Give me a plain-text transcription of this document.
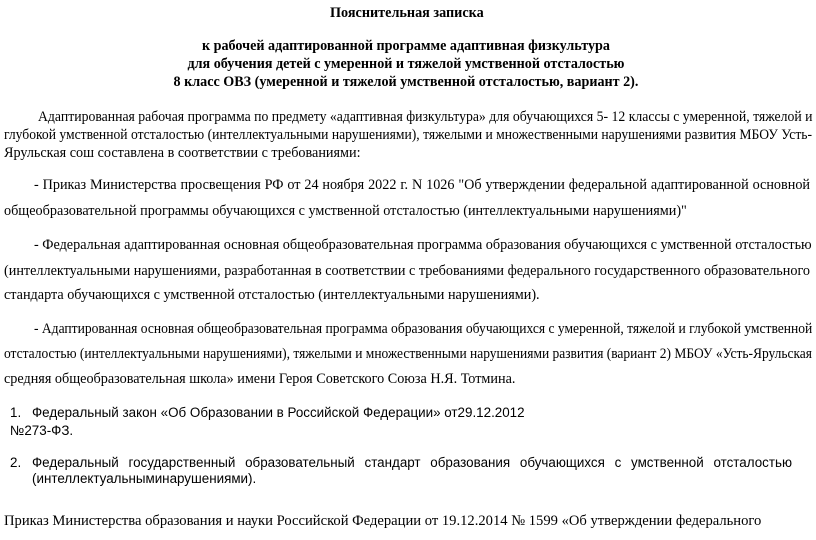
Пояснительная записка
к рабочей адаптированной программе адаптивная физкультура
для обучения детей с умеренной и тяжелой умственной отсталостью
8 класс ОВЗ (умеренной и тяжелой умственной отсталостью, вариант 2).
Адаптированная рабочая программа по предмету «адаптивная физкультура» для обучающихся 5- 12 классы с умеренной, тяжелой и
глубокой умственной отсталостью (интеллектуальными нарушениями), тяжелыми и множественными нарушениями развития МБОУ Усть-
Ярульская сош составлена в соответствии с требованиями:
- Приказ Министерства просвещения РФ от 24 ноября 2022 г. N 1026 "Об утверждении федеральной адаптированной основной
общеобразовательной программы обучающихся с умственной отсталостью (интеллектуальными нарушениями)"
- Федеральная адаптированная основная общеобразовательная программа образования обучающихся с умственной отсталостью
(интеллектуальными нарушениями, разработанная в соответствии с требованиями федерального государственного образовательного
стандарта обучающихся с умственной отсталостью (интеллектуальными нарушениями).
- Адаптированная основная общеобразовательная программа образования обучающихся с умеренной, тяжелой и глубокой умственной
отсталостью (интеллектуальными нарушениями), тяжелыми и множественными нарушениями развития (вариант 2) МБОУ «Усть-Ярульская
средняя общеобразовательная школа» имени Героя Советского Союза Н.Я. Тотмина.
1. Федеральный закон «Об Образовании в Российской Федерации» от29.12.2012
№273-ФЗ.
2. Федеральный государственный образовательный стандарт образования обучающихся с умственной отсталостью
(интеллектуальныминарушениями).
Приказ Министерства образования и науки Российской Федерации от 19.12.2014 № 1599 «Об утверждении федерального
